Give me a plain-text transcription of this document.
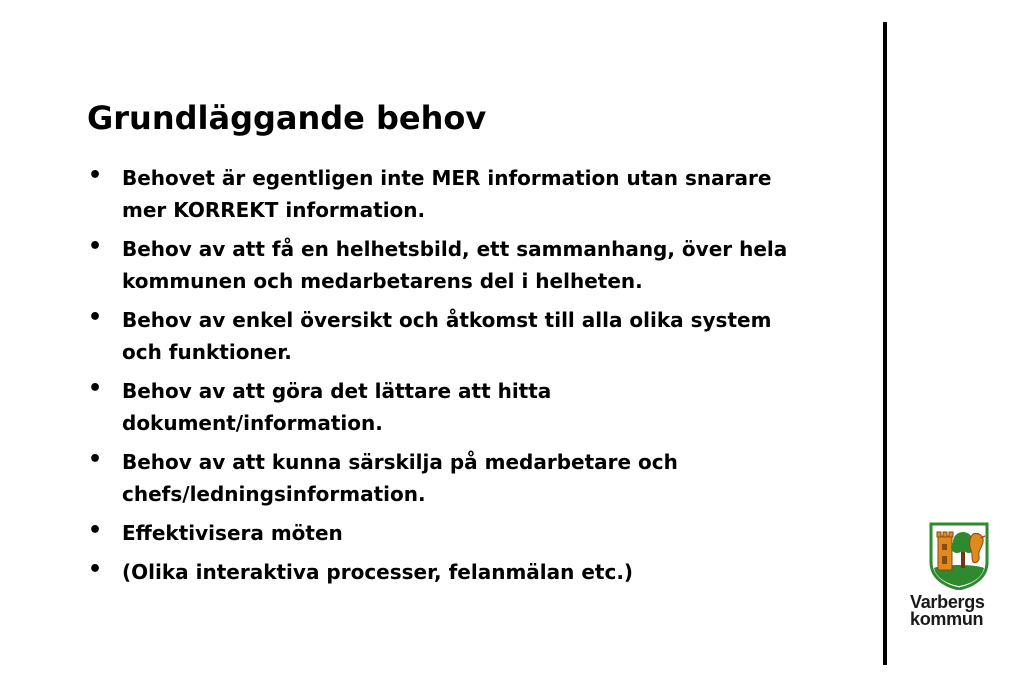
Grundläggande behov
• Behovet är egentligen inte MER information utan snarare mer KORREKT information.
• Behov av att få en helhetsbild, ett sammanhang, över hela kommunen och medarbetarens del i helheten.
• Behov av enkel översikt och åtkomst till alla olika system och funktioner.
• Behov av att göra det lättare att hitta dokument/information.
• Behov av att kunna särskilja på medarbetare och chefs/ledningsinformation.
• Effektivisera möten
• (Olika interaktiva processer, felanmälan etc.)
Varbergs
kommun
